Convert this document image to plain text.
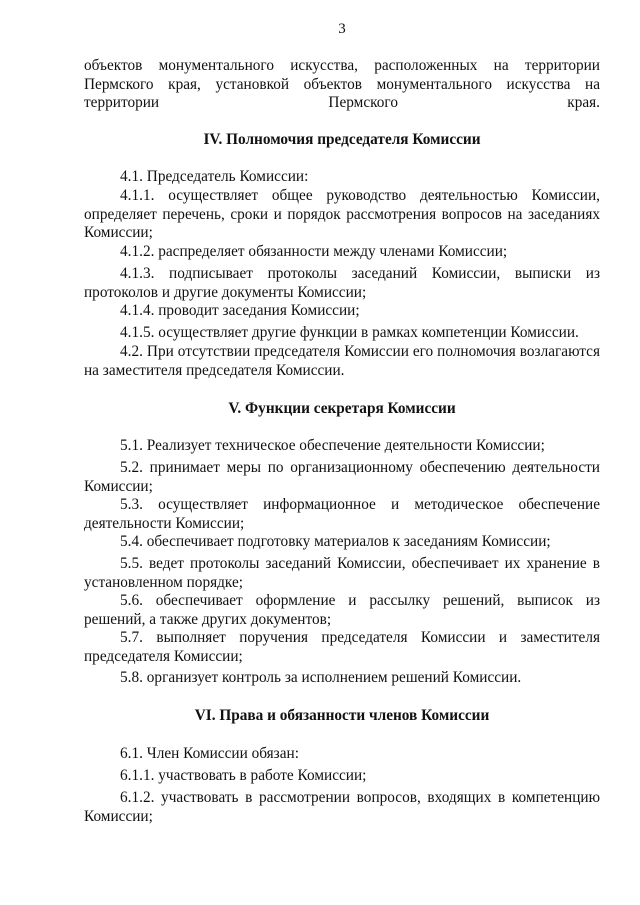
3

объектов монументального искусства, расположенных на территории Пермского края, установкой объектов монументального искусства на территории Пермского края.

IV. Полномочия председателя Комиссии

4.1. Председатель Комиссии:

4.1.1. осуществляет общее руководство деятельностью Комиссии, определяет перечень, сроки и порядок рассмотрения вопросов на заседаниях Комиссии;

4.1.2. распределяет обязанности между членами Комиссии;

4.1.3. подписывает протоколы заседаний Комиссии, выписки из протоколов и другие документы Комиссии;

4.1.4. проводит заседания Комиссии;

4.1.5. осуществляет другие функции в рамках компетенции Комиссии.

4.2. При отсутствии председателя Комиссии его полномочия возлагаются на заместителя председателя Комиссии.

V. Функции секретаря Комиссии

5.1. Реализует техническое обеспечение деятельности Комиссии;

5.2. принимает меры по организационному обеспечению деятельности Комиссии;

5.3. осуществляет информационное и методическое обеспечение деятельности Комиссии;

5.4. обеспечивает подготовку материалов к заседаниям Комиссии;

5.5. ведет протоколы заседаний Комиссии, обеспечивает их хранение в установленном порядке;

5.6. обеспечивает оформление и рассылку решений, выписок из решений, а также других документов;

5.7. выполняет поручения председателя Комиссии и заместителя председателя Комиссии;

5.8. организует контроль за исполнением решений Комиссии.

VI. Права и обязанности членов Комиссии

6.1. Член Комиссии обязан:

6.1.1. участвовать в работе Комиссии;

6.1.2. участвовать в рассмотрении вопросов, входящих в компетенцию Комиссии;
